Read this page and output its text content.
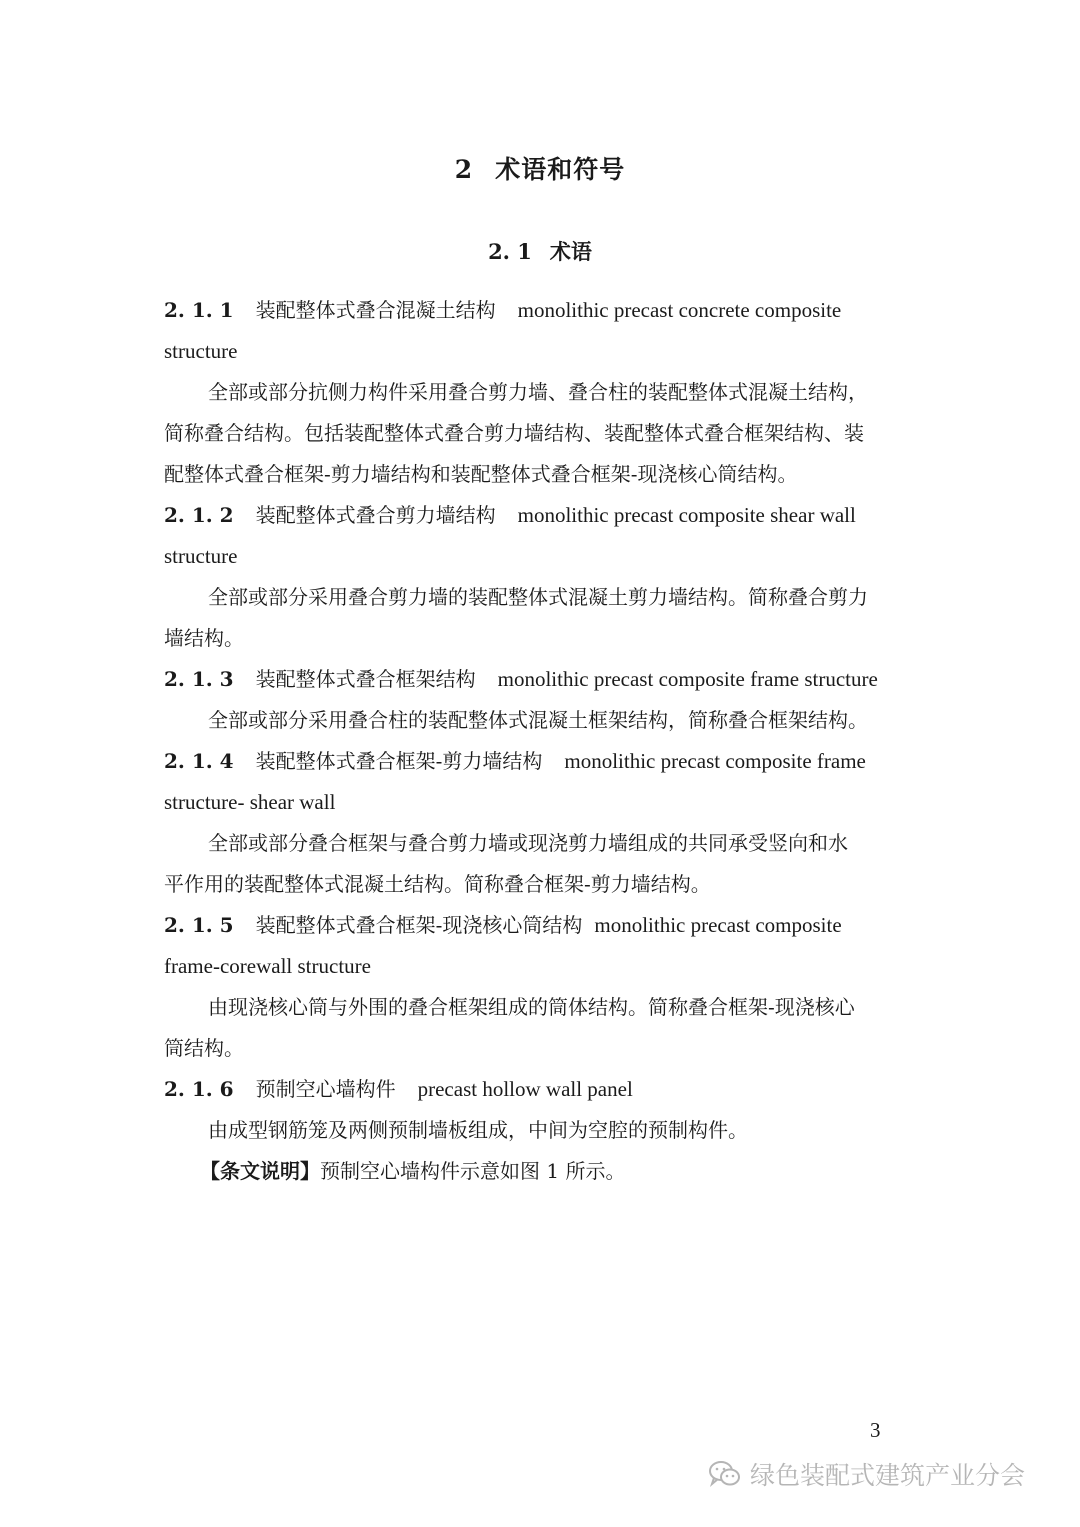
2 术语和符号
2. 1 术语
2. 1. 1 装配整体式叠合混凝土结构 monolithic precast concrete composite
structure
全部或部分抗侧力构件采用叠合剪力墙、叠合柱的装配整体式混凝土结构，
简称叠合结构。包括装配整体式叠合剪力墙结构、装配整体式叠合框架结构、装
配整体式叠合框架-剪力墙结构和装配整体式叠合框架-现浇核心筒结构。
2. 1. 2 装配整体式叠合剪力墙结构 monolithic precast composite shear wall
structure
全部或部分采用叠合剪力墙的装配整体式混凝土剪力墙结构。简称叠合剪力
墙结构。
2. 1. 3 装配整体式叠合框架结构 monolithic precast composite frame structure
全部或部分采用叠合柱的装配整体式混凝土框架结构，简称叠合框架结构。
2. 1. 4 装配整体式叠合框架-剪力墙结构 monolithic precast composite frame
structure- shear wall
全部或部分叠合框架与叠合剪力墙或现浇剪力墙组成的共同承受竖向和水
平作用的装配整体式混凝土结构。简称叠合框架-剪力墙结构。
2. 1. 5 装配整体式叠合框架-现浇核心筒结构 monolithic precast composite
frame-corewall structure
由现浇核心筒与外围的叠合框架组成的筒体结构。简称叠合框架-现浇核心
筒结构。
2. 1. 6 预制空心墙构件 precast hollow wall panel
由成型钢筋笼及两侧预制墙板组成，中间为空腔的预制构件。
【条文说明】预制空心墙构件示意如图 1 所示。
3
绿色装配式建筑产业分会
